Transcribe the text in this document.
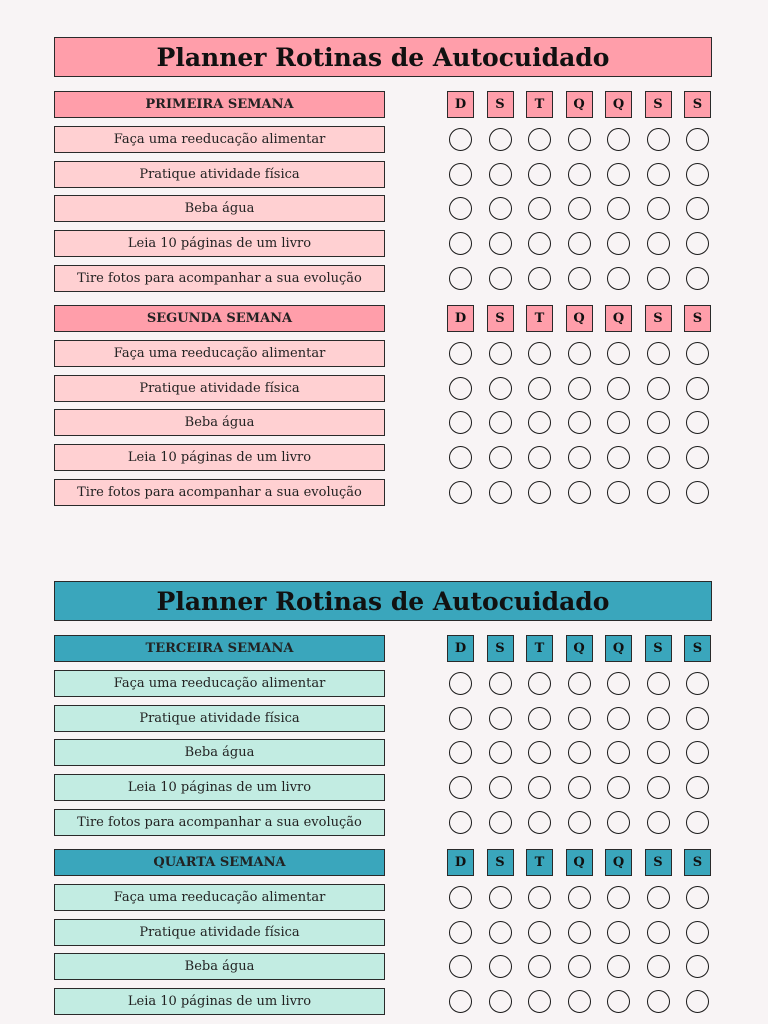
Planner Rotinas de Autocuidado
PRIMEIRA SEMANA	D	S	T	Q	Q	S	S
Faça uma reeducação alimentar
Pratique atividade física
Beba água
Leia 10 páginas de um livro
Tire fotos para acompanhar a sua evolução
SEGUNDA SEMANA	D	S	T	Q	Q	S	S
Faça uma reeducação alimentar
Pratique atividade física
Beba água
Leia 10 páginas de um livro
Tire fotos para acompanhar a sua evolução
Planner Rotinas de Autocuidado
TERCEIRA SEMANA	D	S	T	Q	Q	S	S
Faça uma reeducação alimentar
Pratique atividade física
Beba água
Leia 10 páginas de um livro
Tire fotos para acompanhar a sua evolução
QUARTA SEMANA	D	S	T	Q	Q	S	S
Faça uma reeducação alimentar
Pratique atividade física
Beba água
Leia 10 páginas de um livro
